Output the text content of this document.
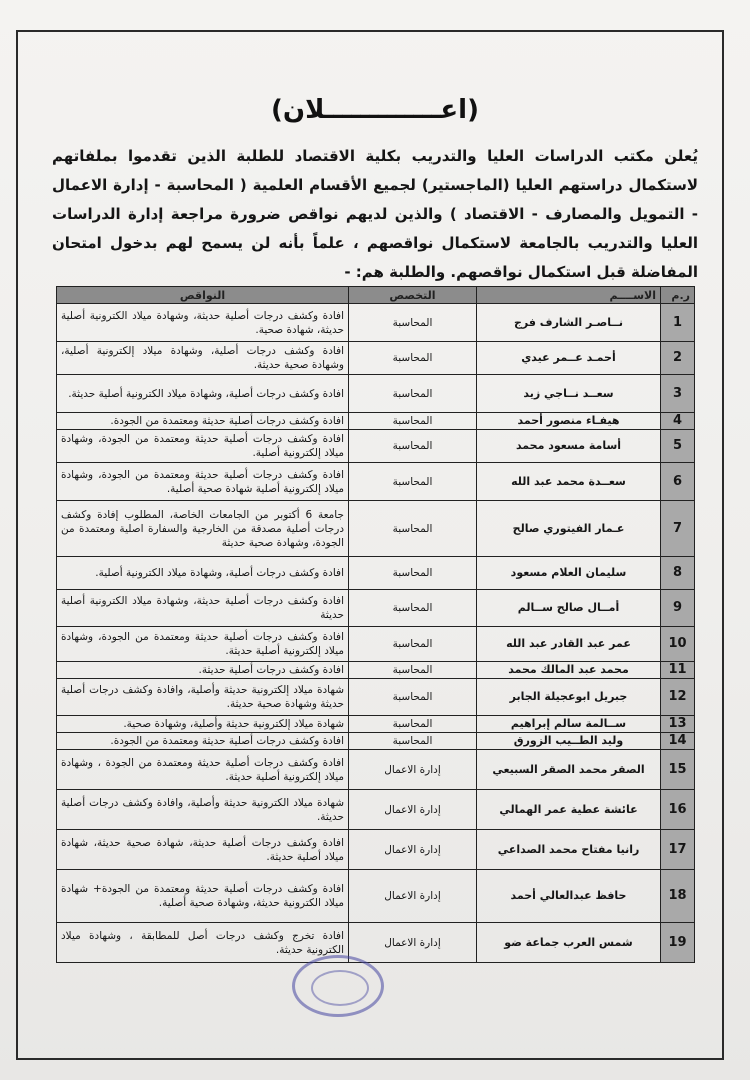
(اعـــــــــــــلان)
يُعلن مكتب الدراسات العليا والتدريب بكلية الاقتصاد للطلبة الذين تقدموا بملفاتهم لاستكمال دراستهم العليا (الماجستير) لجميع الأقسام العلمية ( المحاسبة - إدارة الاعمال - التمويل والمصارف - الاقتصاد ) والذين لديهم نواقص ضرورة مراجعة إدارة الدراسات العليا والتدريب بالجامعة لاستكمال نواقصهم ، علماً بأنه لن يسمح لهم بدخول امتحان المفاضلة قبل استكمال نواقصهم. والطلبة هم: -
ر.م	الاســــم	التخصص	النواقص
1	نــاصـر الشارف فرج	المحاسبة	افادة وكشف درجات أصلية حديثة، وشهادة ميلاد الكترونية أصلية حديثة، شهادة صحية.
2	أحمـد عــمر عيدي	المحاسبة	افادة وكشف درجات أصلية، وشهادة ميلاد إلكترونية أصلية، وشهادة صحية حديثة.
3	سعــد نــاجي زيد	المحاسبة	افادة وكشف درجات أصلية، وشهادة ميلاد الكترونية أصلية حديثة.
4	هيفـاء منصور أحمد	المحاسبة	افادة وكشف درجات أصلية حديثة ومعتمدة من الجودة.
5	أسامة مسعود محمد	المحاسبة	افادة وكشف درجات أصلية حديثة ومعتمدة من الجودة، وشهادة ميلاد إلكترونية أصلية.
6	سعــدة محمد عبد الله	المحاسبة	افادة وكشف درجات أصلية حديثة ومعتمدة من الجودة، وشهادة ميلاد إلكترونية أصلية شهادة صحية أصلية.
7	عـمار الفيتوري صالح	المحاسبة	جامعة 6 أكتوبر من الجامعات الخاصة، المطلوب إفادة وكشف درجات أصلية مصدقة من الخارجية والسفارة اصلية ومعتمدة من الجودة، وشهادة صحية حديثة
8	سليمان العلام مسعود	المحاسبة	افادة وكشف درجات أصلية، وشهادة ميلاد الكترونية أصلية.
9	أمــال صالح ســالم	المحاسبة	افادة وكشف درجات أصلية حديثة، وشهادة ميلاد الكترونية أصلية حديثة
10	عمر عبد القادر عبد الله	المحاسبة	افادة وكشف درجات أصلية حديثة ومعتمدة من الجودة، وشهادة ميلاد إلكترونية أصلية حديثة.
11	محمد عبد المالك محمد	المحاسبة	افادة وكشف درجات أصلية حديثة.
12	جبريل ابوعجيلة الجابر	المحاسبة	شهادة ميلاد إلكترونية حديثة وأصلية، وافادة وكشف درجات أصلية حديثة وشهادة صحية حديثة.
13	ســالمة سالم إبراهيم	المحاسبة	شهادة ميلاد إلكترونية حديثة وأصلية، وشهادة صحية.
14	وليد الطــيب الزورق	المحاسبة	افادة وكشف درجات أصلية حديثة ومعتمدة من الجودة.
15	الصقر محمد الصقر السبيعي	إدارة الاعمال	افادة وكشف درجات أصلية حديثة ومعتمدة من الجودة ، وشهادة ميلاد إلكترونية أصلية حديثة.
16	عائشة عطية عمر الهمالي	إدارة الاعمال	شهادة ميلاد الكترونية حديثة وأصلية، وافادة وكشف درجات أصلية حديثة.
17	رانيا مفتاح محمد الصداعي	إدارة الاعمال	افادة وكشف درجات أصلية حديثة، شهادة صحية حديثة، شهادة ميلاد أصلية حديثة.
18	حافظ عبدالعالي أحمد	إدارة الاعمال	افادة وكشف درجات أصلية حديثة ومعتمدة من الجودة+ شهادة ميلاد الكترونية حديثة، وشهادة صحية أصلية.
19	شمس العرب جماعة ضو	إدارة الاعمال	افادة تخرج وكشف درجات أصل للمطابقة ، وشهادة ميلاد الكترونية حديثة.
